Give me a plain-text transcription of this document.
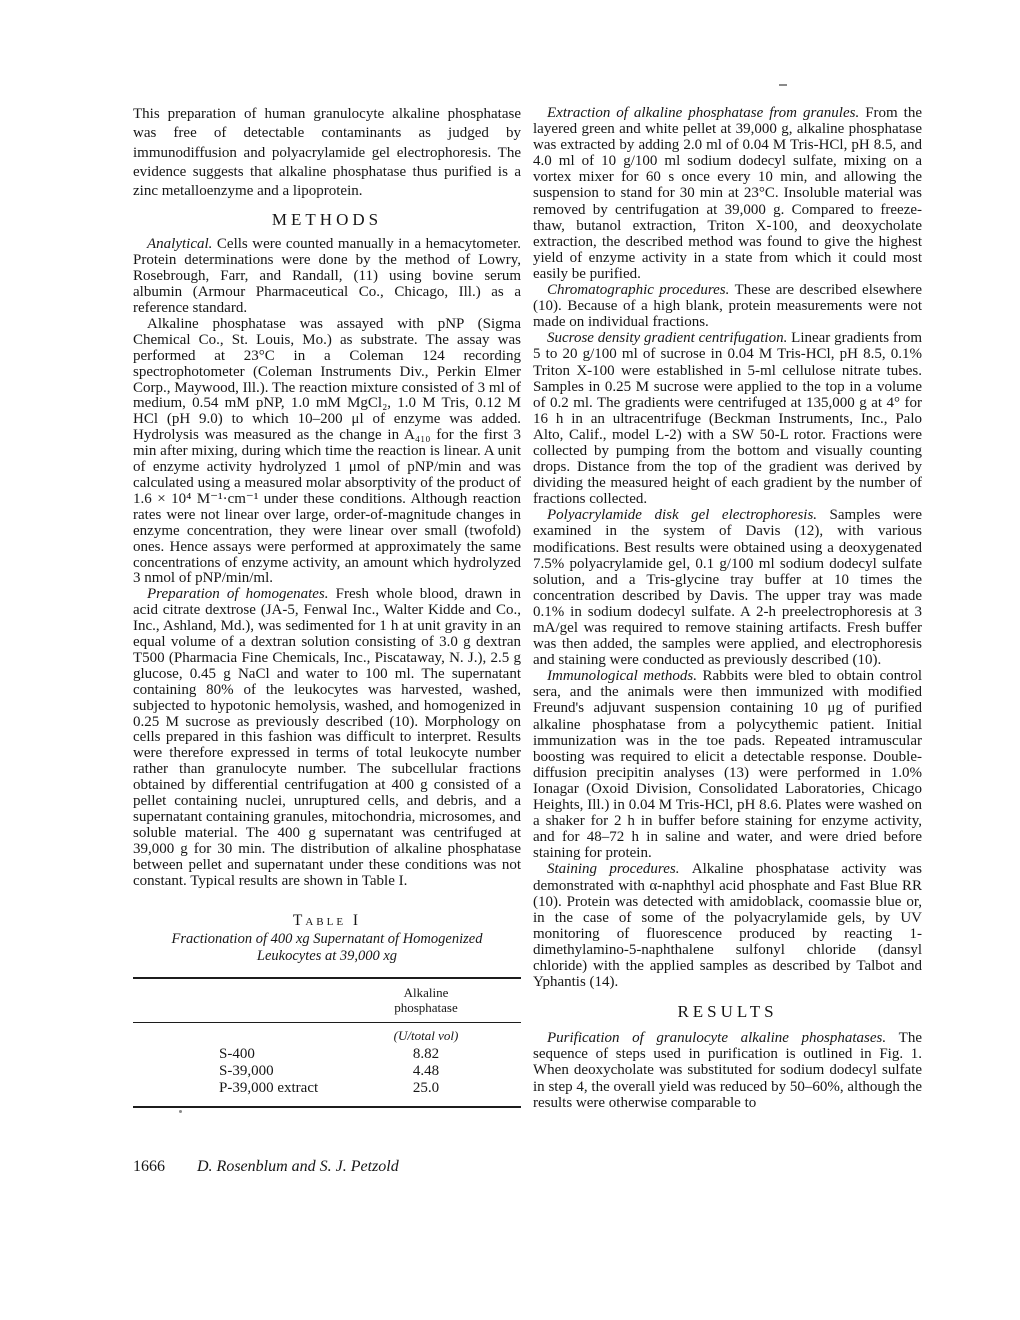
This preparation of human granulocyte alkaline phosphatase was free of detectable contaminants as judged by immunodiffusion and polyacrylamide gel electrophoresis. The evidence suggests that alkaline phosphatase thus purified is a zinc metalloenzyme and a lipoprotein.

METHODS

Analytical. Cells were counted manually in a hemacytometer. Protein determinations were done by the method of Lowry, Rosebrough, Farr, and Randall, (11) using bovine serum albumin (Armour Pharmaceutical Co., Chicago, Ill.) as a reference standard.

Alkaline phosphatase was assayed with pNP (Sigma Chemical Co., St. Louis, Mo.) as substrate. The assay was performed at 23°C in a Coleman 124 recording spectrophotometer (Coleman Instruments Div., Perkin Elmer Corp., Maywood, Ill.). The reaction mixture consisted of 3 ml of medium, 0.54 mM pNP, 1.0 mM MgCl₂, 1.0 M Tris, 0.12 M HCl (pH 9.0) to which 10–200 μl of enzyme was added. Hydrolysis was measured as the change in A₄₁₀ for the first 3 min after mixing, during which time the reaction is linear. A unit of enzyme activity hydrolyzed 1 μmol of pNP/min and was calculated using a measured molar absorptivity of the product of 1.6 × 10⁴ M⁻¹·cm⁻¹ under these conditions. Although reaction rates were not linear over large, order-of-magnitude changes in enzyme concentration, they were linear over small (twofold) ones. Hence assays were performed at approximately the same concentrations of enzyme activity, an amount which hydrolyzed 3 nmol of pNP/min/ml.

Preparation of homogenates. Fresh whole blood, drawn in acid citrate dextrose (JA-5, Fenwal Inc., Walter Kidde and Co., Inc., Ashland, Md.), was sedimented for 1 h at unit gravity in an equal volume of a dextran solution consisting of 3.0 g dextran T500 (Pharmacia Fine Chemicals, Inc., Piscataway, N. J.), 2.5 g glucose, 0.45 g NaCl and water to 100 ml. The supernatant containing 80% of the leukocytes was harvested, washed, subjected to hypotonic hemolysis, washed, and homogenized in 0.25 M sucrose as previously described (10). Morphology on cells prepared in this fashion was difficult to interpret. Results were therefore expressed in terms of total leukocyte number rather than granulocyte number. The subcellular fractions obtained by differential centrifugation at 400 g consisted of a pellet containing nuclei, unruptured cells, and debris, and a supernatant containing granules, mitochondria, microsomes, and soluble material. The 400 g supernatant was centrifuged at 39,000 g for 30 min. The distribution of alkaline phosphatase between pellet and supernatant under these conditions was not constant. Typical results are shown in Table I.

Table I
Fractionation of 400 xg Supernatant of Homogenized
Leukocytes at 39,000 xg
Alkaline
phosphatase
(U/total vol)
S-400	8.82
S-39,000	4.48
P-39,000 extract	25.0

Extraction of alkaline phosphatase from granules. From the layered green and white pellet at 39,000 g, alkaline phosphatase was extracted by adding 2.0 ml of 0.04 M Tris-HCl, pH 8.5, and 4.0 ml of 10 g/100 ml sodium dodecyl sulfate, mixing on a vortex mixer for 60 s once every 10 min, and allowing the suspension to stand for 30 min at 23°C. Insoluble material was removed by centrifugation at 39,000 g. Compared to freeze-thaw, butanol extraction, Triton X-100, and deoxycholate extraction, the described method was found to give the highest yield of enzyme activity in a state from which it could most easily be purified.

Chromatographic procedures. These are described elsewhere (10). Because of a high blank, protein measurements were not made on individual fractions.

Sucrose density gradient centrifugation. Linear gradients from 5 to 20 g/100 ml of sucrose in 0.04 M Tris-HCl, pH 8.5, 0.1% Triton X-100 were established in 5-ml cellulose nitrate tubes. Samples in 0.25 M sucrose were applied to the top in a volume of 0.2 ml. The gradients were centrifuged at 135,000 g at 4° for 16 h in an ultracentrifuge (Beckman Instruments, Inc., Palo Alto, Calif., model L-2) with a SW 50-L rotor. Fractions were collected by pumping from the bottom and visually counting drops. Distance from the top of the gradient was derived by dividing the measured height of each gradient by the number of fractions collected.

Polyacrylamide disk gel electrophoresis. Samples were examined in the system of Davis (12), with various modifications. Best results were obtained using a deoxygenated 7.5% polyacrylamide gel, 0.1 g/100 ml sodium dodecyl sulfate solution, and a Tris-glycine tray buffer at 10 times the concentration described by Davis. The upper tray was made 0.1% in sodium dodecyl sulfate. A 2-h preelectrophoresis at 3 mA/gel was required to remove staining artifacts. Fresh buffer was then added, the samples were applied, and electrophoresis and staining were conducted as previously described (10).

Immunological methods. Rabbits were bled to obtain control sera, and the animals were then immunized with modified Freund's adjuvant suspension containing 10 μg of purified alkaline phosphatase from a polycythemic patient. Initial immunization was in the toe pads. Repeated intramuscular boosting was required to elicit a detectable response. Double-diffusion precipitin analyses (13) were performed in 1.0% Ionagar (Oxoid Division, Consolidated Laboratories, Chicago Heights, Ill.) in 0.04 M Tris-HCl, pH 8.6. Plates were washed on a shaker for 2 h in buffer before staining for enzyme activity, and for 48–72 h in saline and water, and were dried before staining for protein.

Staining procedures. Alkaline phosphatase activity was demonstrated with α-naphthyl acid phosphate and Fast Blue RR (10). Protein was detected with amidoblack, coomassie blue or, in the case of some of the polyacrylamide gels, by UV monitoring of fluorescence produced by reacting 1-dimethylamino-5-naphthalene sulfonyl chloride (dansyl chloride) with the applied samples as described by Talbot and Yphantis (14).

RESULTS

Purification of granulocyte alkaline phosphatases. The sequence of steps used in purification is outlined in Fig. 1. When deoxycholate was substituted for sodium dodecyl sulfate in step 4, the overall yield was reduced by 50–60%, although the results were otherwise comparable to

1666 D. Rosenblum and S. J. Petzold
